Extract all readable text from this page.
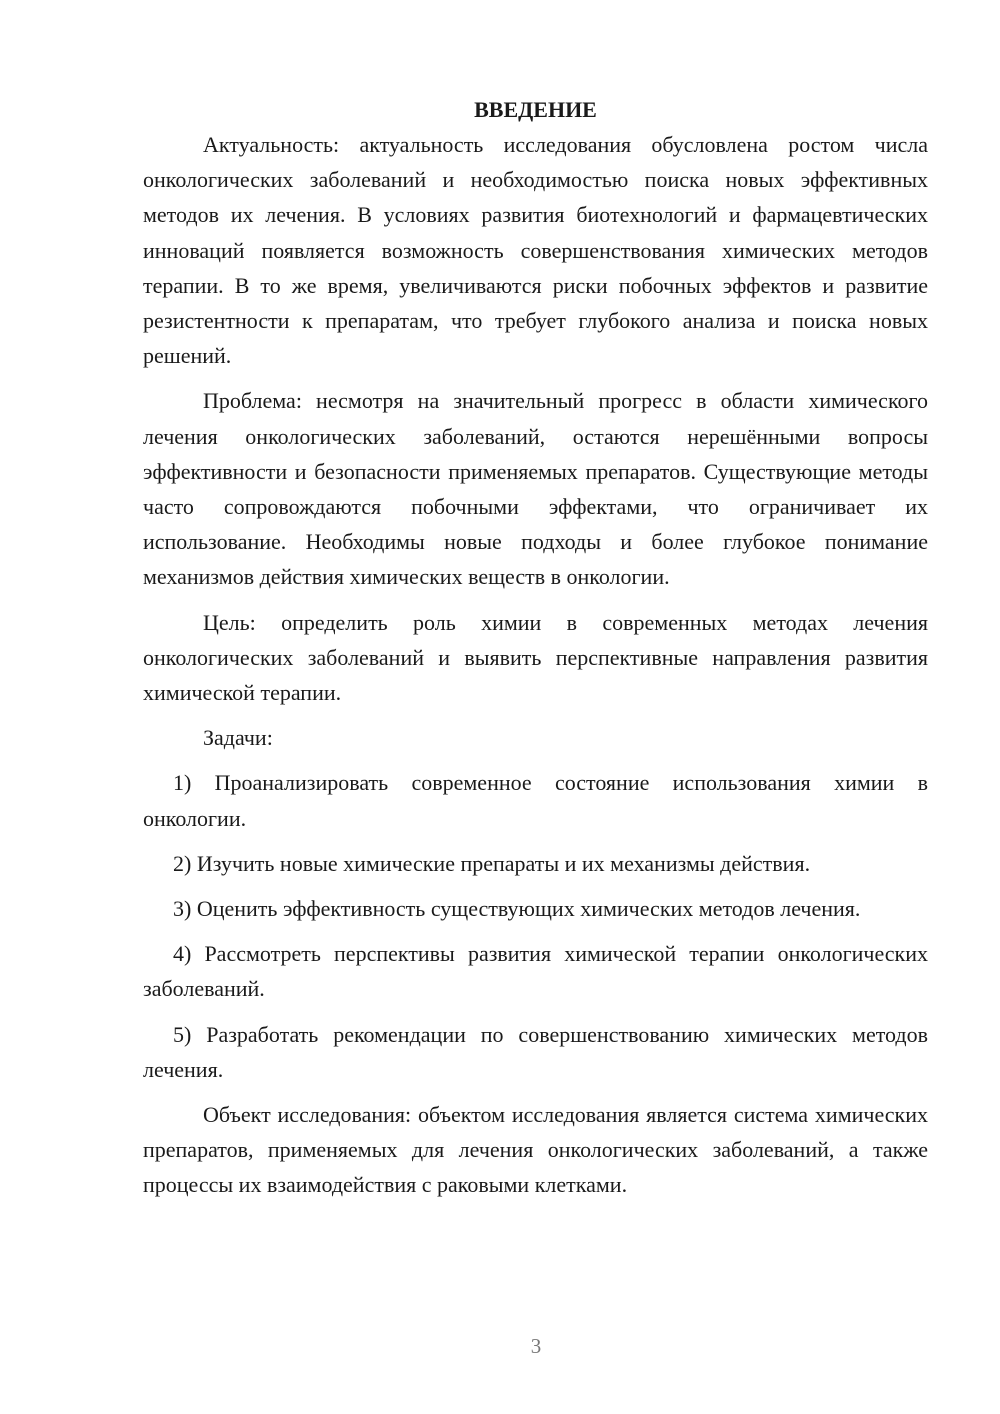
ВВЕДЕНИЕ

Актуальность: актуальность исследования обусловлена ростом числа онкологических заболеваний и необходимостью поиска новых эффективных методов их лечения. В условиях развития биотехнологий и фармацевтических инноваций появляется возможность совершенствования химических методов терапии. В то же время, увеличиваются риски побочных эффектов и развитие резистентности к препаратам, что требует глубокого анализа и поиска новых решений.

Проблема: несмотря на значительный прогресс в области химического лечения онкологических заболеваний, остаются нерешёнными вопросы эффективности и безопасности применяемых препаратов. Существующие методы часто сопровождаются побочными эффектами, что ограничивает их использование. Необходимы новые подходы и более глубокое понимание механизмов действия химических веществ в онкологии.

Цель: определить роль химии в современных методах лечения онкологических заболеваний и выявить перспективные направления развития химической терапии.

Задачи:

1) Проанализировать современное состояние использования химии в онкологии.

2) Изучить новые химические препараты и их механизмы действия.

3) Оценить эффективность существующих химических методов лечения.

4) Рассмотреть перспективы развития химической терапии онкологических заболеваний.

5) Разработать рекомендации по совершенствованию химических методов лечения.

Объект исследования: объектом исследования является система химических препаратов, применяемых для лечения онкологических заболеваний, а также процессы их взаимодействия с раковыми клетками.

3
